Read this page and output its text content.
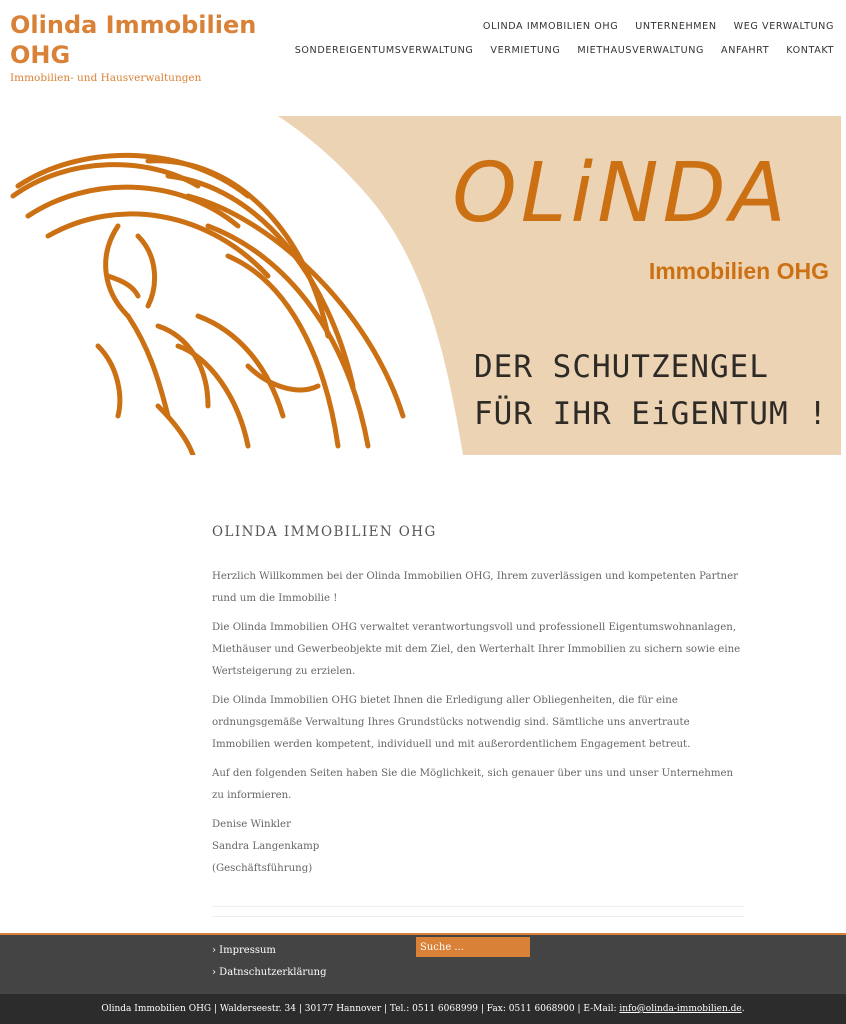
Olinda Immobilien OHG
Immobilien- und Hausverwaltungen
OLINDA IMMOBILIEN OHG UNTERNEHMEN WEG VERWALTUNG
SONDEREIGENTUMSVERWALTUNG VERMIETUNG MIETHAUSVERWALTUNG ANFAHRT KONTAKT
OLiNDA
Immobilien OHG
DER SCHUTZENGEL
FÜR IHR EiGENTUM !
OLINDA IMMOBILIEN OHG

Herzlich Willkommen bei der Olinda Immobilien OHG, Ihrem zuverlässigen und kompetenten Partner rund um die Immobilie !

Die Olinda Immobilien OHG verwaltet verantwortungsvoll und professionell Eigentumswohnanlagen, Miethäuser und Gewerbeobjekte mit dem Ziel, den Werterhalt Ihrer Immobilien zu sichern sowie eine Wertsteigerung zu erzielen.

Die Olinda Immobilien OHG bietet Ihnen die Erledigung aller Obliegenheiten, die für eine ordnungsgemäße Verwaltung Ihres Grundstücks notwendig sind. Sämtliche uns anvertraute Immobilien werden kompetent, individuell und mit außerordentlichem Engagement betreut.

Auf den folgenden Seiten haben Sie die Möglichkeit, sich genauer über uns und unser Unternehmen zu informieren.

Denise Winkler
Sandra Langenkamp
(Geschäftsführung)
› Impressum
› Datnschutzerklärung
Suche ...
Olinda Immobilien OHG | Walderseestr. 34 | 30177 Hannover | Tel.: 0511 6068999 | Fax: 0511 6068900 | E-Mail: info@olinda-immobilien.de.
